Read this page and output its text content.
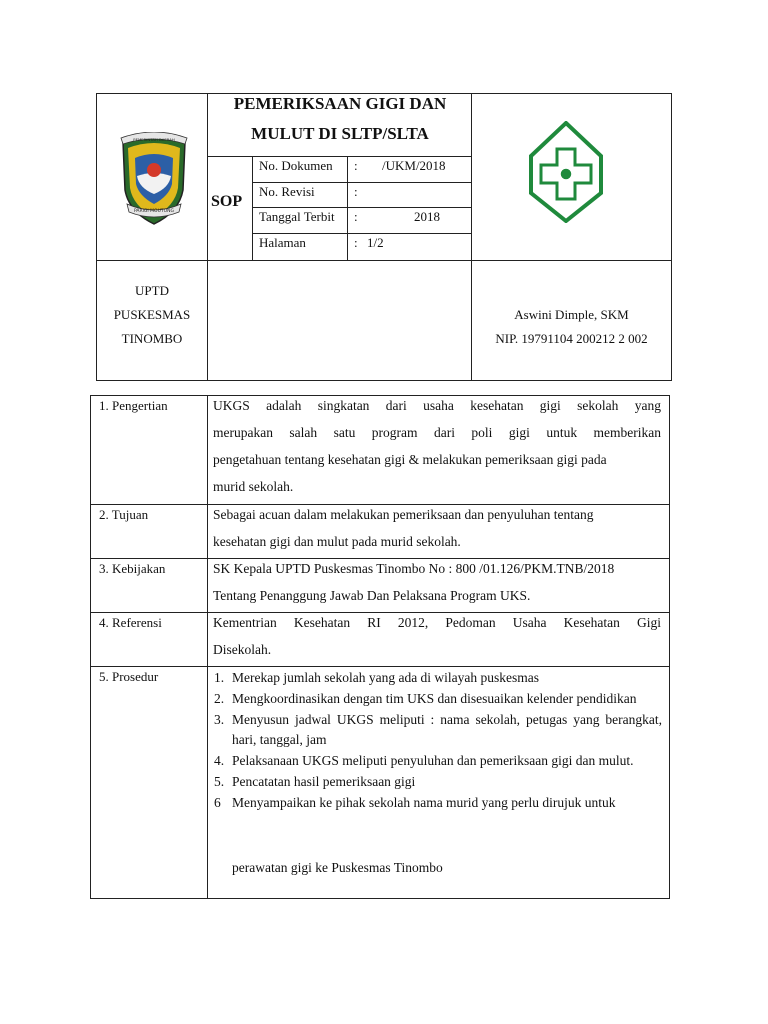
PEMERINTAH DAERAH
PARIGI MOUTONG
PEMERIKSAAN GIGI DAN
MULUT DI SLTP/SLTA
SOP
No. Dokumen : /UKM/2018
No. Revisi	:
Tanggal Terbit :	2018
Halaman	: 1/2
UPTD
PUSKESMAS
TINOMBO
Aswini Dimple, SKM
NIP. 19791104 200212 2 002
1. Pengertian	UKGS adalah singkatan dari usaha kesehatan gigi sekolah yang
merupakan salah satu program dari poli gigi untuk memberikan
pengetahuan tentang kesehatan gigi & melakukan pemeriksaan gigi pada
murid sekolah.
2. Tujuan	Sebagai acuan dalam melakukan pemeriksaan dan penyuluhan tentang
kesehatan gigi dan mulut pada murid sekolah.
3. Kebijakan	SK Kepala UPTD Puskesmas Tinombo No : 800 /01.126/PKM.TNB/2018
Tentang Penanggung Jawab Dan Pelaksana Program UKS.
4. Referensi	Kementrian Kesehatan RI 2012, Pedoman Usaha Kesehatan Gigi
Disekolah.
5. Prosedur	1. Merekap jumlah sekolah yang ada di wilayah puskesmas
2. Mengkoordinasikan dengan tim UKS dan disesuaikan kelender pendidikan
3. Menyusun jadwal UKGS meliputi : nama sekolah, petugas yang berangkat, hari, tanggal, jam
4. Pelaksanaan UKGS meliputi penyuluhan dan pemeriksaan gigi dan mulut.
5. Pencatatan hasil pemeriksaan gigi
6 Menyampaikan ke pihak sekolah nama murid yang perlu dirujuk untuk
perawatan gigi ke Puskesmas Tinombo
